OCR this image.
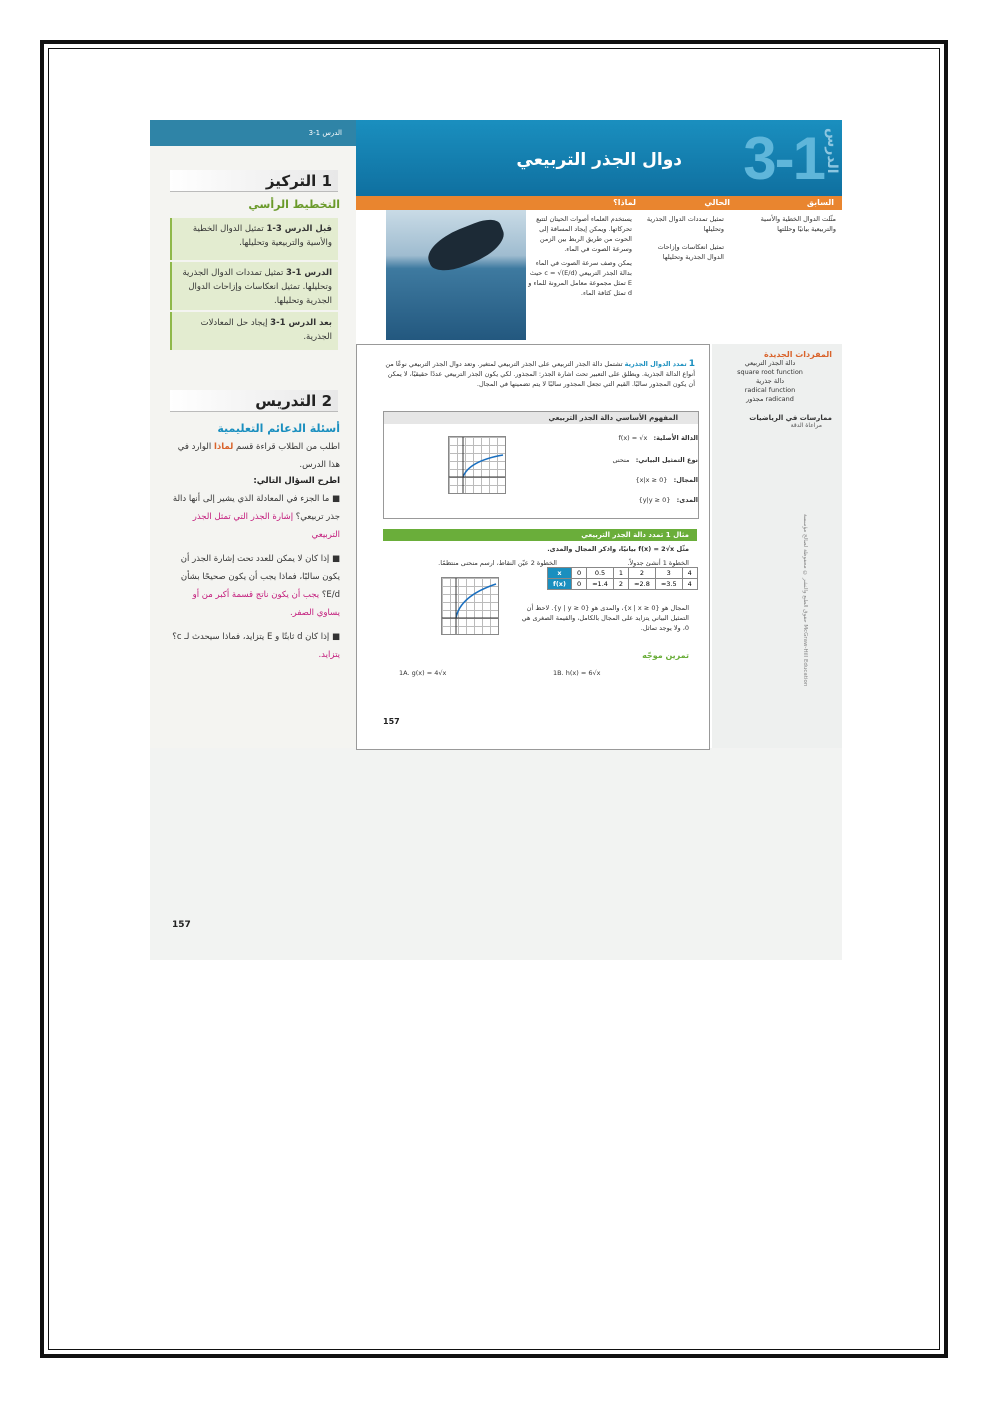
الدرس 1-3
1 التركيز
التخطيط الرأسي
قبل الدرس 3-1 تمثيل الدوال الخطية والأسية والتربيعية وتحليلها.
الدرس 1-3 تمثيل تمددات الدوال الجذرية وتحليلها. تمثيل انعكاسات وإزاحات الدوال الجذرية وتحليلها.
بعد الدرس 1-3 إيجاد حل المعادلات الجذرية.
2 التدريس
أسئلة الدعائم التعليمية
اطلب من الطلاب قراءة قسم لماذا الوارد في هذا الدرس.
اطرح السؤال التالي:
■ ما الجزء في المعادلة الذي يشير إلى أنها دالة جذر تربيعي؟ إشارة الجذر التي تمثل الجذر التربيعي
■ إذا كان لا يمكن للعدد تحت إشارة الجذر أن يكون سالبًا، فماذا يجب أن يكون صحيحًا بشأن E/d؟ يجب أن يكون ناتج قسمة أكبر من أو يساوي الصفر.
■ إذا كان d ثابتًا و E يتزايد، فماذا سيحدث لـ c؟ يتزايد.
3-1 الدرس
دوال الجذر التربيعي
السابق
الحالي
لماذا؟
مثّلت الدوال الخطية والأسية والتربيعية بيانيًا وحللتها
تمثيل تمددات الدوال الجذرية وتحليلها
تمثيل انعكاسات وإزاحات الدوال الجذرية وتحليلها
يستخدم العلماء أصوات الحيتان لتتبع تحركاتها. ويمكن إيجاد المسافة إلى الحوت من طريق الربط بين الزمن وسرعة الصوت في الماء.
يمكن وصف سرعة الصوت في الماء بدالة الجذر التربيعي c = √(E/d) حيث E تمثل مجموعة معامل المرونة للماء و d تمثل كثافة الماء.
1 تمدد الدوال الجذرية تشتمل دالة الجذر التربيعي على الجذر التربيعي لمتغير. وتعد دوال الجذر التربيعي نوعًا من أنواع الدالة الجذرية. ويطلق على التعبير تحت اشارة الجذر: المجذور. لكي يكون الجذر التربيعي عددًا حقيقيًا، لا يمكن أن يكون المجذور سالبًا. القيم التي تجعل المجذور سالبًا لا يتم تضمينها في المجال.
المفهوم الأساسي دالة الجذر التربيعي
الدالة الأصلية:   f(x) = √x
نوع التمثيل البياني:   منحنى
المجال:   {x|x ≥ 0}
المدى:   {y|y ≥ 0}
مثال 1 تمدد دالة الجذر التربيعي
مثّل f(x) = 2√x بيانيًا، واذكر المجال والمدى.
الخطوة 1 أنشئ جدولاً.
الخطوة 2 عيّن النقاط، ارسم منحنى منتظمًا.
x	0	0.5	1	2	3	4
f(x)	0	≈1.4	2	≈2.8	≈3.5	4
المجال هو {x | x ≥ 0}، والمدى هو {y | y ≥ 0}. لاحظ أن التمثيل البياني يتزايد على المجال بالكامل، والقيمة الصغرى هي 0، ولا يوجد تماثل.
تمرين موجّه
1A. g(x) = 4√x	1B. h(x) = 6√x
157
المفردات الجديدة
دالة الجذر التربيعي
square root function
دالة جذرية
radical function
radicand مجذور
ممارسات في الرياضيات
مراعاة الدقة
McGraw-Hill Education حقوق الطبع والنشر © محفوظة لصالح مؤسسة
157
